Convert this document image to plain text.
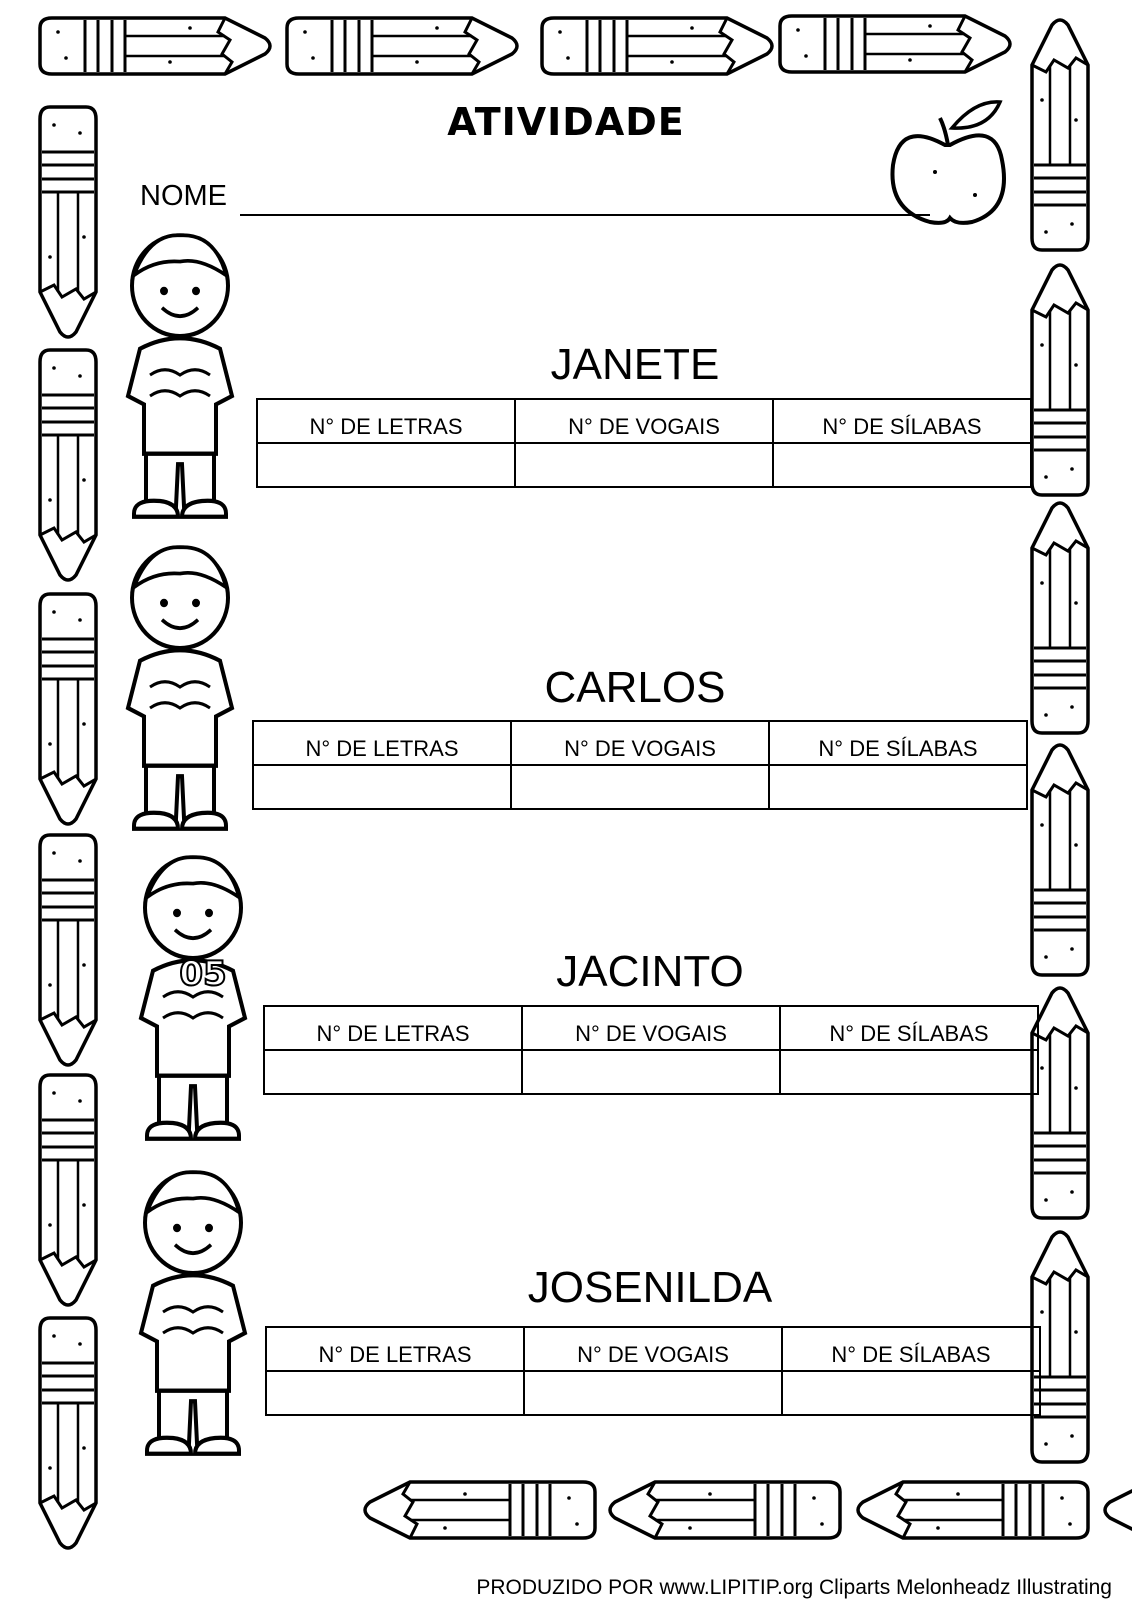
05
ATIVIDADE
NOME
JANETE
N° DE LETRAS	N° DE VOGAIS	N° DE SÍLABAS

CARLOS
N° DE LETRAS	N° DE VOGAIS	N° DE SÍLABAS

JACINTO
N° DE LETRAS	N° DE VOGAIS	N° DE SÍLABAS

JOSENILDA
N° DE LETRAS	N° DE VOGAIS	N° DE SÍLABAS

PRODUZIDO POR www.LIPITIP.org Cliparts Melonheadz Illustrating
